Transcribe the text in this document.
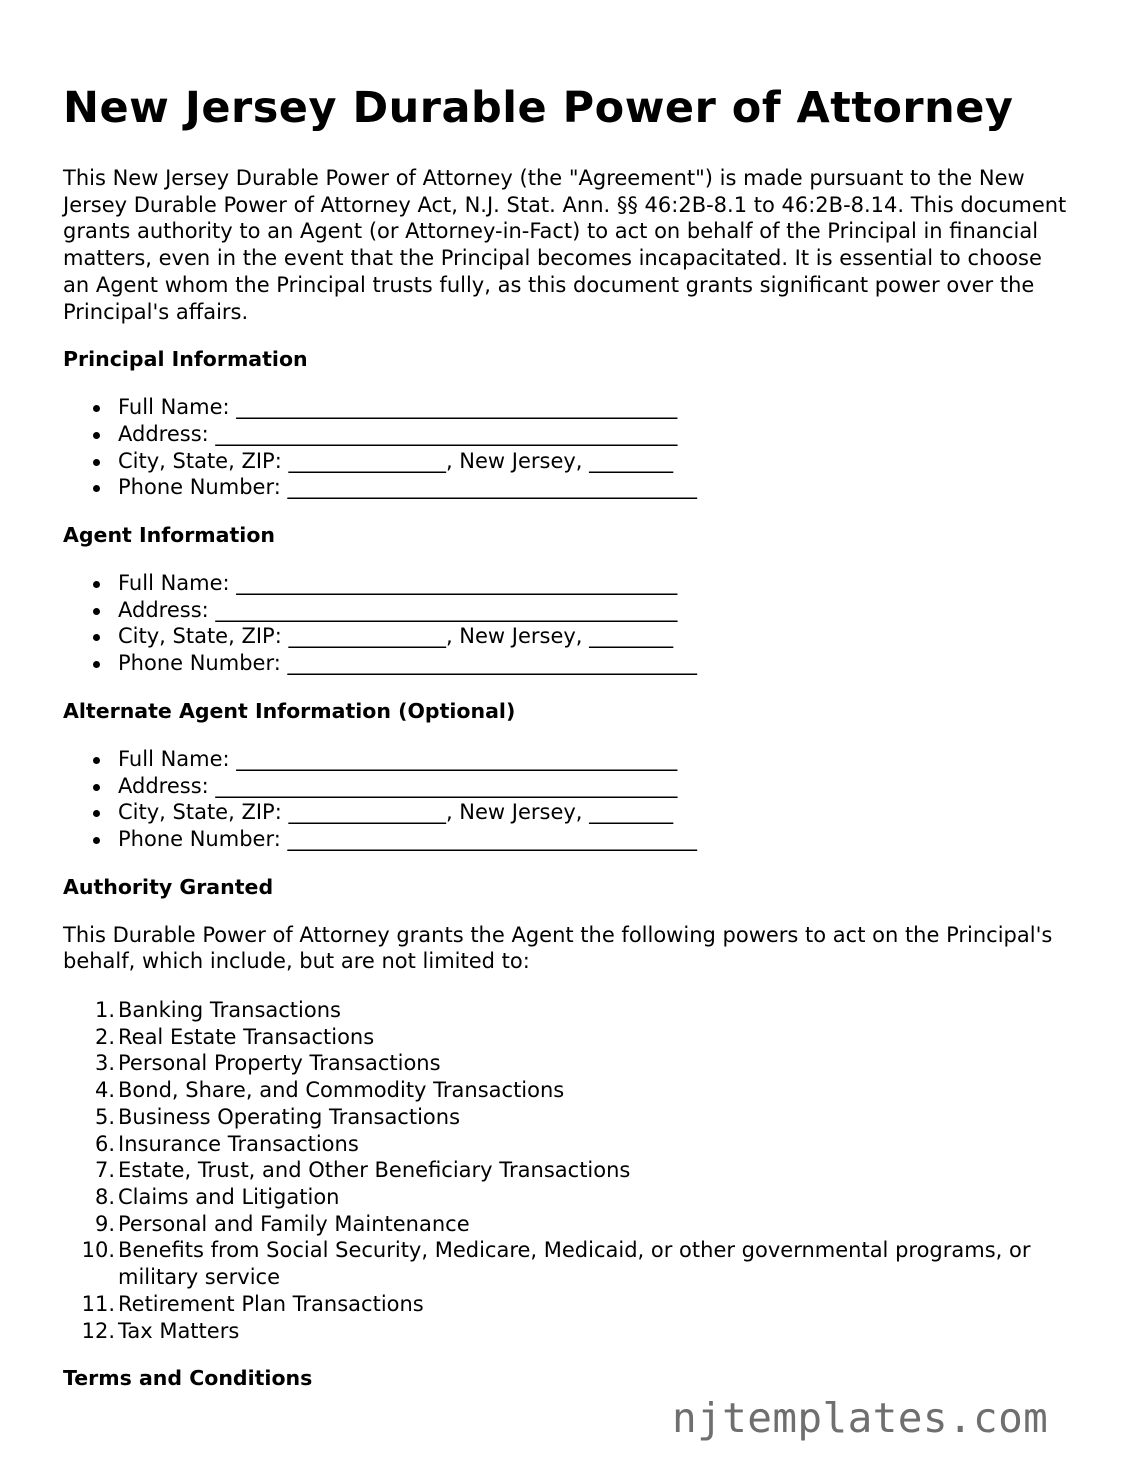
New Jersey Durable Power of Attorney

This New Jersey Durable Power of Attorney (the "Agreement") is made pursuant to the New Jersey Durable Power of Attorney Act, N.J. Stat. Ann. §§ 46:2B-8.1 to 46:2B-8.14. This document grants authority to an Agent (or Attorney-in-Fact) to act on behalf of the Principal in financial matters, even in the event that the Principal becomes incapacitated. It is essential to choose an Agent whom the Principal trusts fully, as this document grants significant power over the Principal's affairs.

Principal Information
Full Name: __________________________________________
Address: ____________________________________________
City, State, ZIP: _______________, New Jersey, ________
Phone Number: _______________________________________
Agent Information
Full Name: __________________________________________
Address: ____________________________________________
City, State, ZIP: _______________, New Jersey, ________
Phone Number: _______________________________________
Alternate Agent Information (Optional)
Full Name: __________________________________________
Address: ____________________________________________
City, State, ZIP: _______________, New Jersey, ________
Phone Number: _______________________________________
Authority Granted

This Durable Power of Attorney grants the Agent the following powers to act on the Principal's behalf, which include, but are not limited to:

1. Banking Transactions
2. Real Estate Transactions
3. Personal Property Transactions
4. Bond, Share, and Commodity Transactions
5. Business Operating Transactions
6. Insurance Transactions
7. Estate, Trust, and Other Beneficiary Transactions
8. Claims and Litigation
9. Personal and Family Maintenance
10. Benefits from Social Security, Medicare, Medicaid, or other governmental programs, or military service
11. Retirement Plan Transactions
12. Tax Matters
Terms and Conditions
njtemplates.com
